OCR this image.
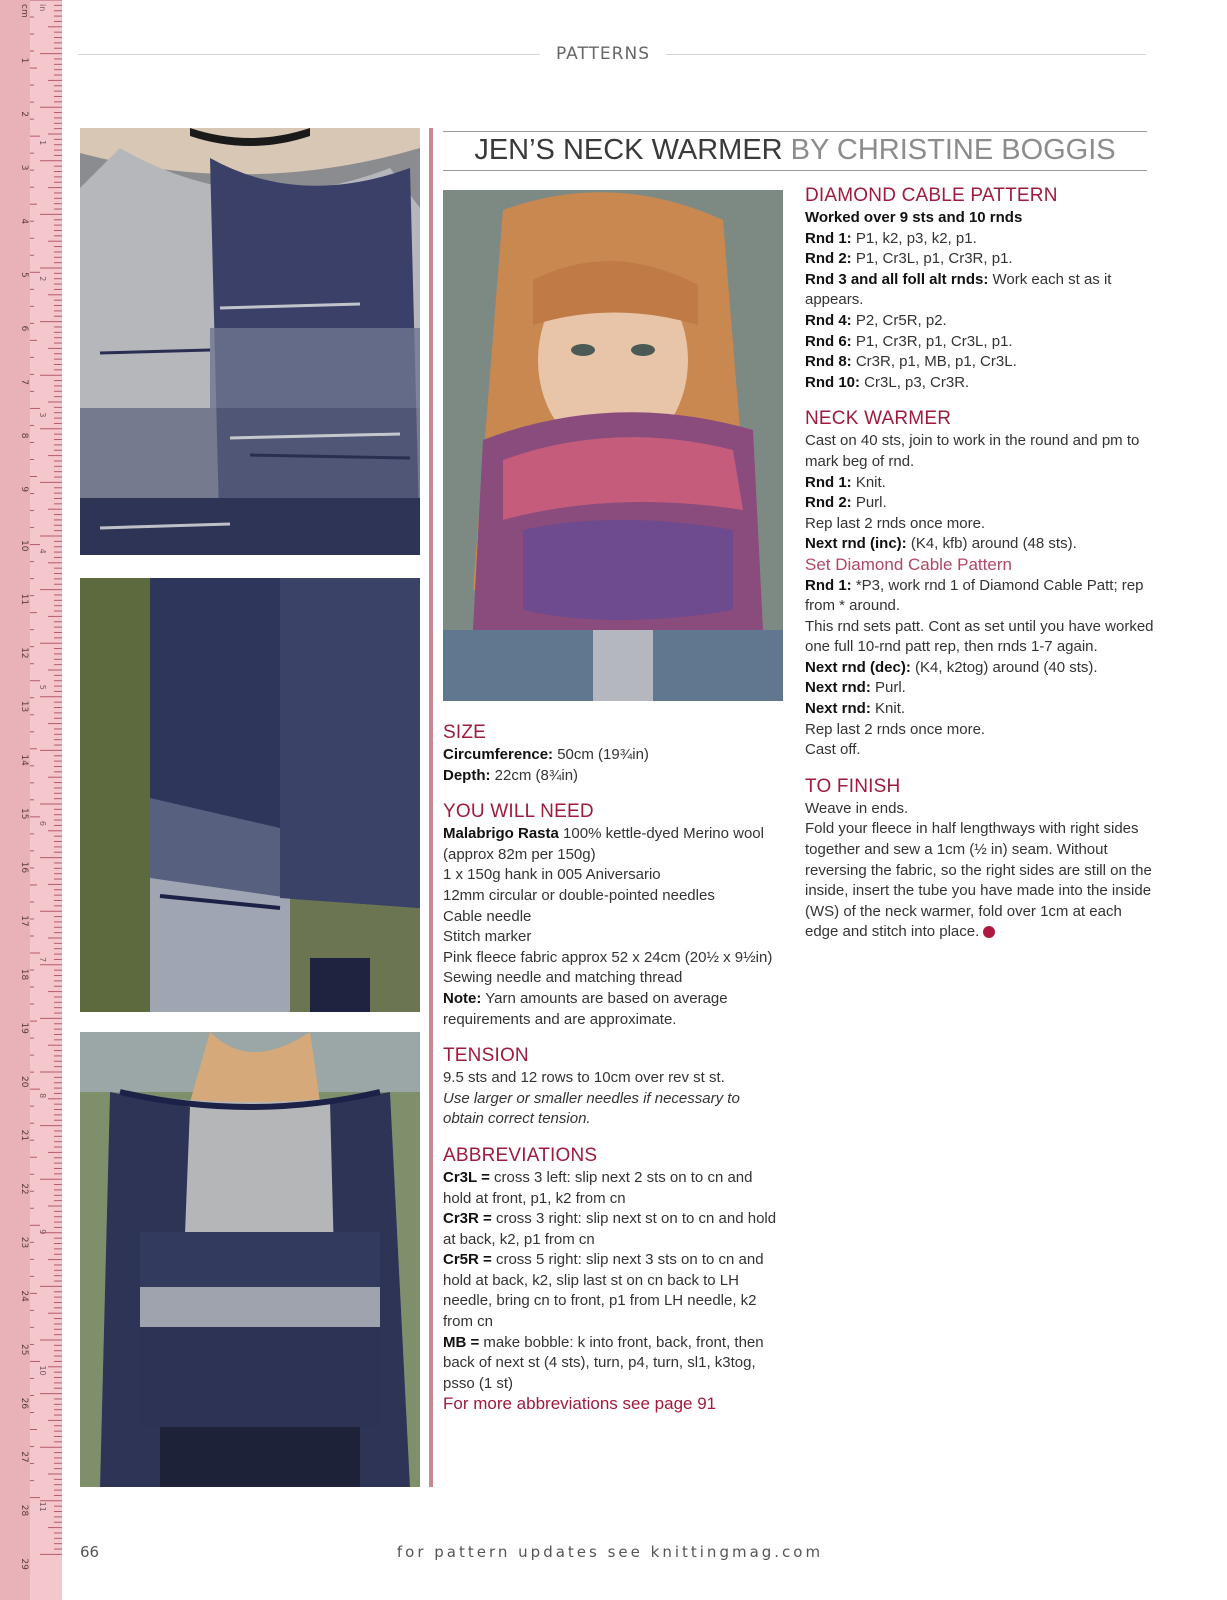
cm
1
2
3
4
5
6
7
8
9
10
11
12
13
14
15
16
17
18
19
20
21
22
23
24
25
26
27
28
29
in
1
2
3
4
5
6
7
8
9
10
11
PATTERNS
JEN’S NECK WARMER BY CHRISTINE BOGGIS
SIZE

Circumference: 50cm (19¾in)

Depth: 22cm (8¾in)

YOU WILL NEED

Malabrigo Rasta 100% kettle-dyed Merino wool (approx 82m per 150g)

1 x 150g hank in 005 Aniversario

12mm circular or double-pointed needles

Cable needle

Stitch marker

Pink fleece fabric approx 52 x 24cm (20½ x 9½in)

Sewing needle and matching thread

Note: Yarn amounts are based on average requirements and are approximate.

TENSION

9.5 sts and 12 rows to 10cm over rev st st.

Use larger or smaller needles if necessary to obtain correct tension.

ABBREVIATIONS

Cr3L = cross 3 left: slip next 2 sts on to cn and hold at front, p1, k2 from cn

Cr3R = cross 3 right: slip next st on to cn and hold at back, k2, p1 from cn

Cr5R = cross 5 right: slip next 3 sts on to cn and hold at back, k2, slip last st on cn back to LH needle, bring cn to front, p1 from LH needle, k2 from cn

MB = make bobble: k into front, back, front, then back of next st (4 sts), turn, p4, turn, sl1, k3tog, psso (1 st)

For more abbreviations see page 91

DIAMOND CABLE PATTERN

Worked over 9 sts and 10 rnds

Rnd 1: P1, k2, p3, k2, p1.

Rnd 2: P1, Cr3L, p1, Cr3R, p1.

Rnd 3 and all foll alt rnds: Work each st as it appears.

Rnd 4: P2, Cr5R, p2.

Rnd 6: P1, Cr3R, p1, Cr3L, p1.

Rnd 8: Cr3R, p1, MB, p1, Cr3L.

Rnd 10: Cr3L, p3, Cr3R.

NECK WARMER

Cast on 40 sts, join to work in the round and pm to mark beg of rnd.

Rnd 1: Knit.

Rnd 2: Purl.

Rep last 2 rnds once more.

Next rnd (inc): (K4, kfb) around (48 sts).

Set Diamond Cable Pattern

Rnd 1: *P3, work rnd 1 of Diamond Cable Patt; rep from * around.

This rnd sets patt. Cont as set until you have worked one full 10-rnd patt rep, then rnds 1-7 again.

Next rnd (dec): (K4, k2tog) around (40 sts).

Next rnd: Purl.

Next rnd: Knit.

Rep last 2 rnds once more.

Cast off.

TO FINISH

Weave in ends.

Fold your fleece in half lengthways with right sides together and sew a 1cm (½ in) seam. Without reversing the fabric, so the right sides are still on the inside, insert the tube you have made into the inside (WS) of the neck warmer, fold over 1cm at each edge and stitch into place.

66	for pattern updates see knittingmag.com
